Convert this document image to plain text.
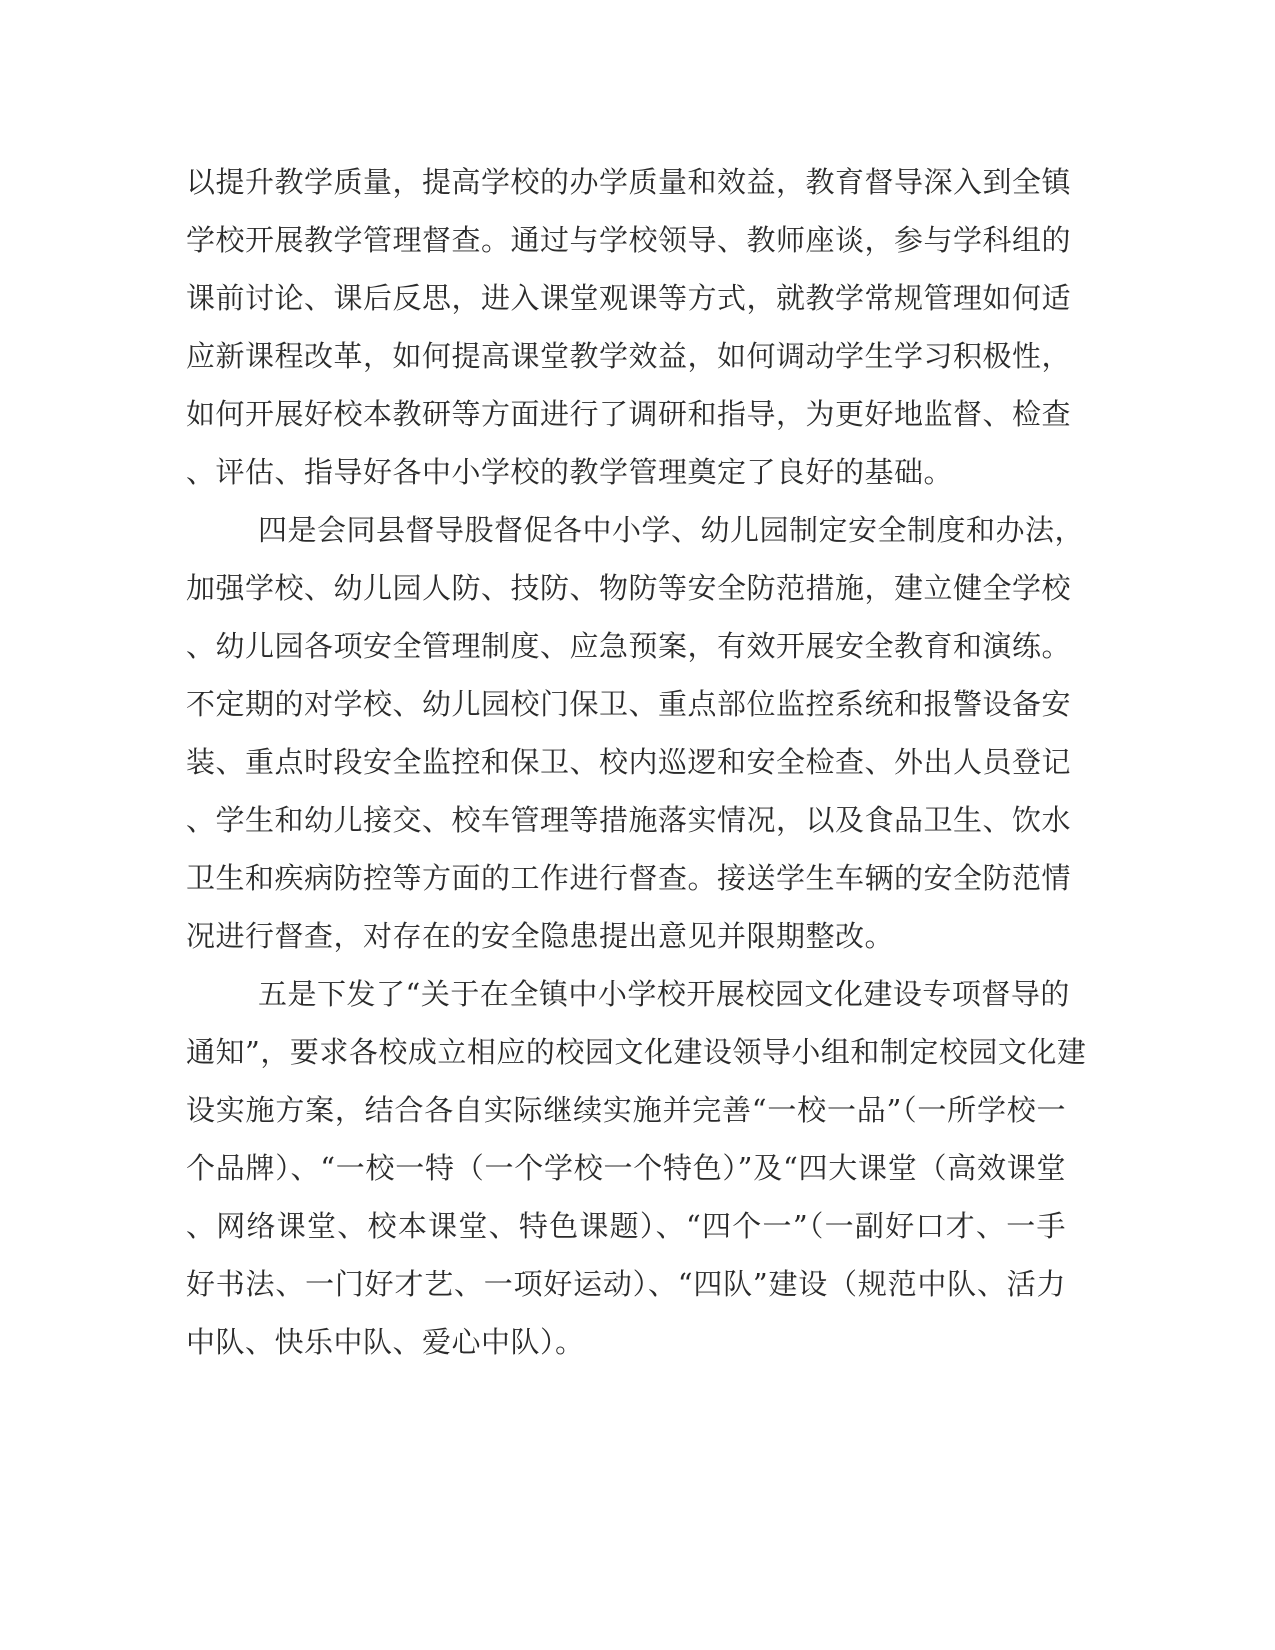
以提升教学质量，提高学校的办学质量和效益，教育督导深入到全镇
学校开展教学管理督查。通过与学校领导、教师座谈，参与学科组的
课前讨论、课后反思，进入课堂观课等方式，就教学常规管理如何适
应新课程改革，如何提高课堂教学效益，如何调动学生学习积极性，
如何开展好校本教研等方面进行了调研和指导，为更好地监督、检查
、评估、指导好各中小学校的教学管理奠定了良好的基础。
四是会同县督导股督促各中小学、幼儿园制定安全制度和办法，
加强学校、幼儿园人防、技防、物防等安全防范措施，建立健全学校
、幼儿园各项安全管理制度、应急预案，有效开展安全教育和演练。
不定期的对学校、幼儿园校门保卫、重点部位监控系统和报警设备安
装、重点时段安全监控和保卫、校内巡逻和安全检查、外出人员登记
、学生和幼儿接交、校车管理等措施落实情况，以及食品卫生、饮水
卫生和疾病防控等方面的工作进行督查。接送学生车辆的安全防范情
况进行督查，对存在的安全隐患提出意见并限期整改。
五是下发了“关于在全镇中小学校开展校园文化建设专项督导的
通知”，要求各校成立相应的校园文化建设领导小组和制定校园文化建
设实施方案，结合各自实际继续实施并完善“一校一品”（一所学校一
个品牌）、“一校一特（一个学校一个特色）”及“四大课堂（高效课堂
、网络课堂、校本课堂、特色课题）、“四个一”（一副好口才、一手
好书法、一门好才艺、一项好运动）、“四队”建设（规范中队、活力
中队、快乐中队、爱心中队）。
